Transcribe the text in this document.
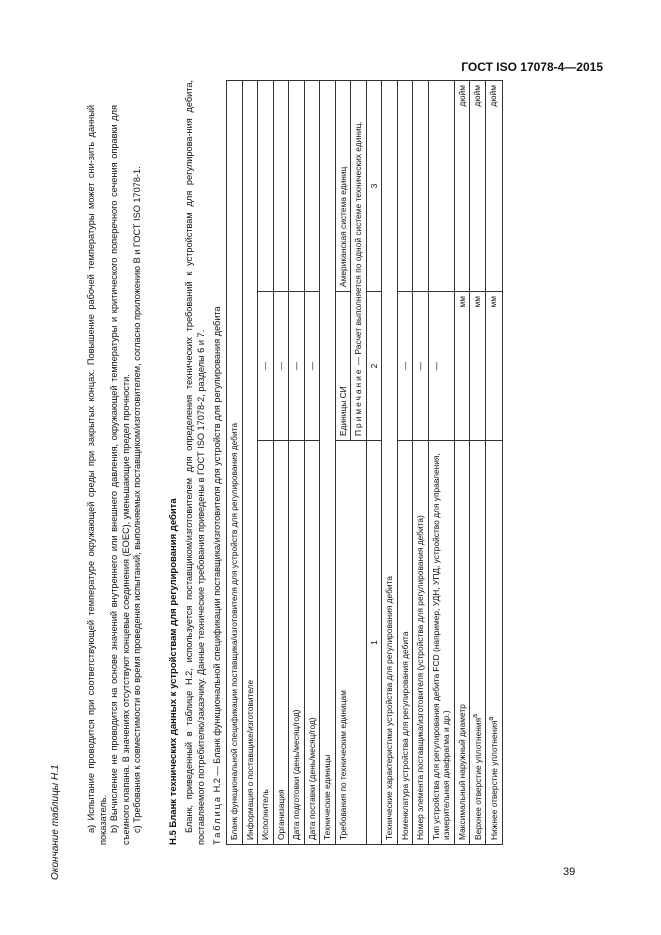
ГОСТ ISO 17078-4—2015
39
Окончание таблицы Н.1	а) Испытание проводится при соответствующей температуре окружающей среды при закрытых концах. Повышение рабочей температуры может сни-зить данный показатель. b) Вычисление не проводится на основе значений внутреннего или внешнего давления, окружающей температуры и критического поперечного сечения оправки для съемного клапана. В значениях отсутствуют концевые соединения (EOEC), уменьшающие предел прочности. с) Требования к совместимости во время проведения испытаний, выполняемых поставщиком/изготовителем, согласно приложению В и ГОСТ ISO 17078-1.	Н.5 Бланк технических данных к устройствам для регулирования дебита Бланк, приведенный в таблице Н.2, используется поставщиком/изготовителем для определения технических требований к устройствам для регулирова-ния дебита, поставляемого потребителю/заказчику. Данные технические требования приведены в ГОСТ ISO 17078-2, разделы 6 и 7. Таблица Н.2 — Бланк функциональной спецификации поставщика/изготовителя для устройств для регулирования дебита Бланк функциональной спецификации поставщика/изготовителя для устройств для регулирования дебита		
Информация о поставщике/изготовителе		
Исполнитель	—	
Организация	—	
Дата подготовки (день/месяц/год)	—	
Дата поставки (день/месяц/год)	—	
Технические единицы		
Требования по техническим единицам	Единицы СИ	Американская система единиц
	Примечание — Расчет выполняется по одной системе технических единиц.	
1	2	3
Технические характеристики устройства для регулирования дебита		
Номенклатура устройства для регулирования дебита	—	
Номер элемента поставщика/изготовителя (устройства для регулирования дебита)	—	
Тип устройства для регулирования дебита FCD (например, УДН, УПД, устройство для управления, измерительная диафрагма и др.)	—	
Максимальный наружный диаметр	мм	дюйм
Верхнее отверстие уплотнения$^a$	мм	дюйм
Нижнее отверстие уплотнения$^a$	мм	дюйм
